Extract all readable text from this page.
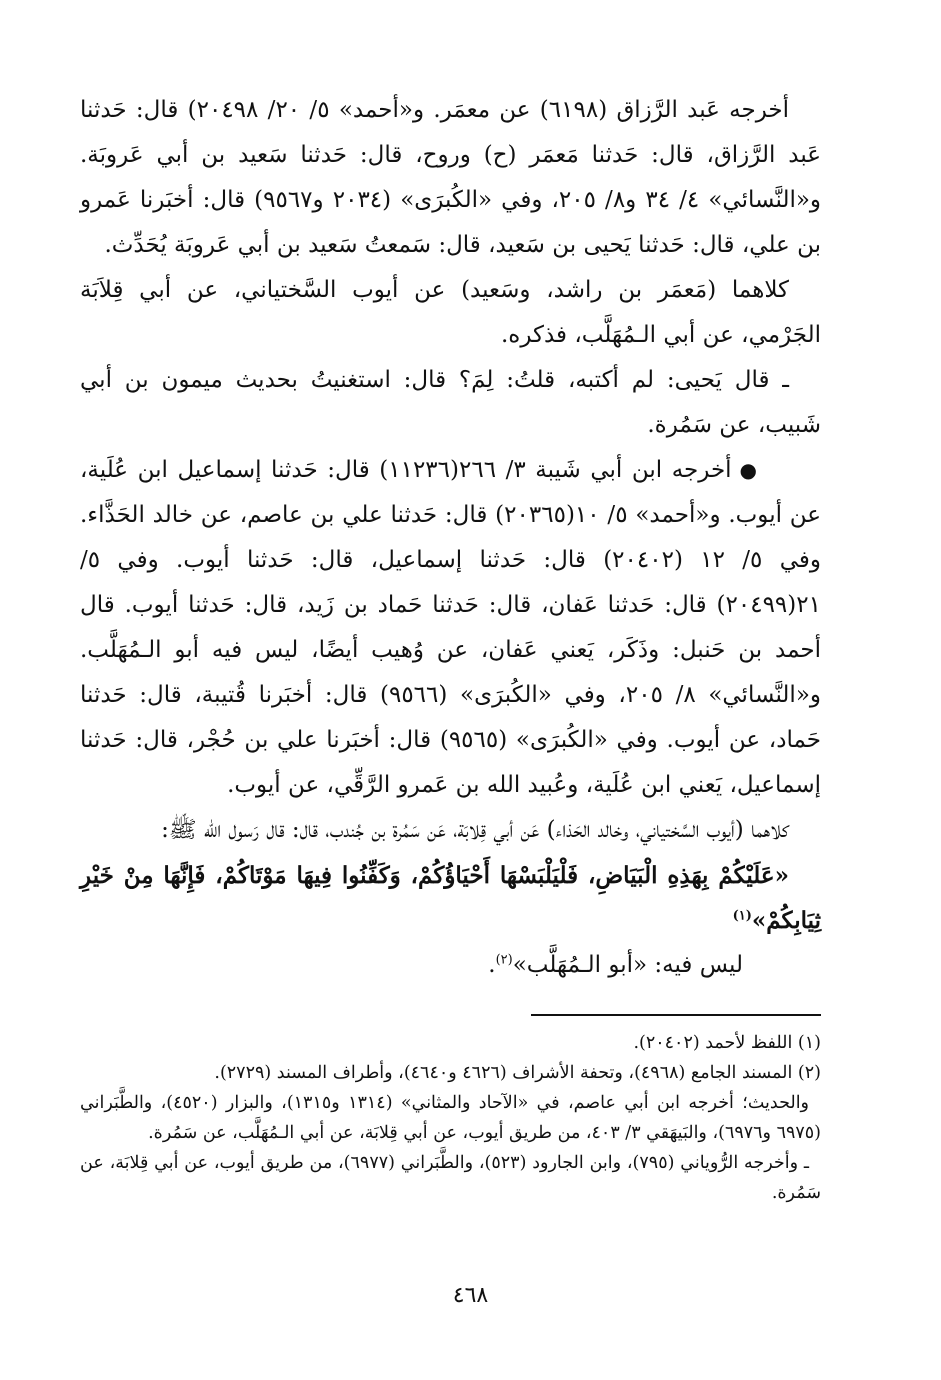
أخرجه عَبد الرَّزاق (٦١٩٨) عن معمَر. و«أحمد» ٥/ ٢٠/ ٢٠٤٩٨) قال: حَدثنا عَبد الرَّزاق، قال: حَدثنا مَعمَر (ح) وروح، قال: حَدثنا سَعيد بن أبي عَروبَة. و«النَّسائي» ٤/ ٣٤ و٨/ ٢٠٥، وفي «الكُبرَى» (٢٠٣٤ و٩٥٦٧) قال: أخبَرنا عَمرو بن علي، قال: حَدثنا يَحيى بن سَعيد، قال: سَمعتُ سَعيد بن أبي عَروبَة يُحَدِّث.

كلاهما (مَعمَر بن راشد، وسَعيد) عن أيوب السَّختياني، عن أبي قِلاَبَة الجَرْمي، عن أبي الـمُهَلَّب، فذكره.

ـ قال يَحيى: لم أكتبه، قلتُ: لِمَ؟ قال: استغنيتُ بحديث ميمون بن أبي شَبيب، عن سَمُرة.

●أخرجه ابن أبي شَيبة ٣/ ٢٦٦(١١٢٣٦) قال: حَدثنا إسماعيل ابن عُلَية، عن أيوب. و«أحمد» ٥/ ١٠(٢٠٣٦٥) قال: حَدثنا علي بن عاصم، عن خالد الحَذَّاء. وفي ٥/ ١٢ (٢٠٤٠٢) قال: حَدثنا إسماعيل، قال: حَدثنا أيوب. وفي ٥/ ٢١(٢٠٤٩٩) قال: حَدثنا عَفان، قال: حَدثنا حَماد بن زَيد، قال: حَدثنا أيوب. قال أحمد بن حَنبل: وذَكَر، يَعني عَفان، عن وُهيب أيضًا، ليس فيه أبو الـمُهَلَّب. و«النَّسائي» ٨/ ٢٠٥، وفي «الكُبرَى» (٩٥٦٦) قال: أخبَرنا قُتيبة، قال: حَدثنا حَماد، عن أيوب. وفي «الكُبرَى» (٩٥٦٥) قال: أخبَرنا علي بن حُجْر، قال: حَدثنا إسماعيل، يَعني ابن عُلَية، وعُبيد الله بن عَمرو الرَّقِّي، عن أيوب.

كلاهما (أيوب السَّختياني، وخالد الحَذاء) عَن أبي قِلابَة، عَن سَمُرة بن جُندب، قال: قال رَسول الله ﷺ:

«عَلَيْكُمْ بِهَذِهِ الْبَيَاضِ، فَلْيَلْبَسْهَا أَحْيَاؤُكُمْ، وَكَفِّنُوا فِيهَا مَوْتَاكُمْ، فَإِنَّهَا مِنْ خَيْرِ ثِيَابِكُمْ»$^{(١)}$

ليس فيه: «أبو الـمُهَلَّب»$^{(٢)}$.

(١) اللفظ لأحمد (٢٠٤٠٢).

(٢) المسند الجامع (٤٩٦٨)، وتحفة الأشراف (٤٦٢٦ و٤٦٤٠)، وأطراف المسند (٢٧٢٩).

والحديث؛ أخرجه ابن أبي عاصم، في «الآحاد والمثاني» (١٣١٤ و١٣١٥)، والبزار (٤٥٢٠)، والطَّبَراني (٦٩٧٥ و٦٩٧٦)، والبَيهَقي ٣/ ٤٠٣، من طريق أيوب، عن أبي قِلابَة، عن أبي الـمُهَلَّب، عن سَمُرة.

ـ وأخرجه الرُّوياني (٧٩٥)، وابن الجارود (٥٢٣)، والطَّبَراني (٦٩٧٧)، من طريق أيوب، عن أبي قِلابَة، عن سَمُرة.

٤٦٨
